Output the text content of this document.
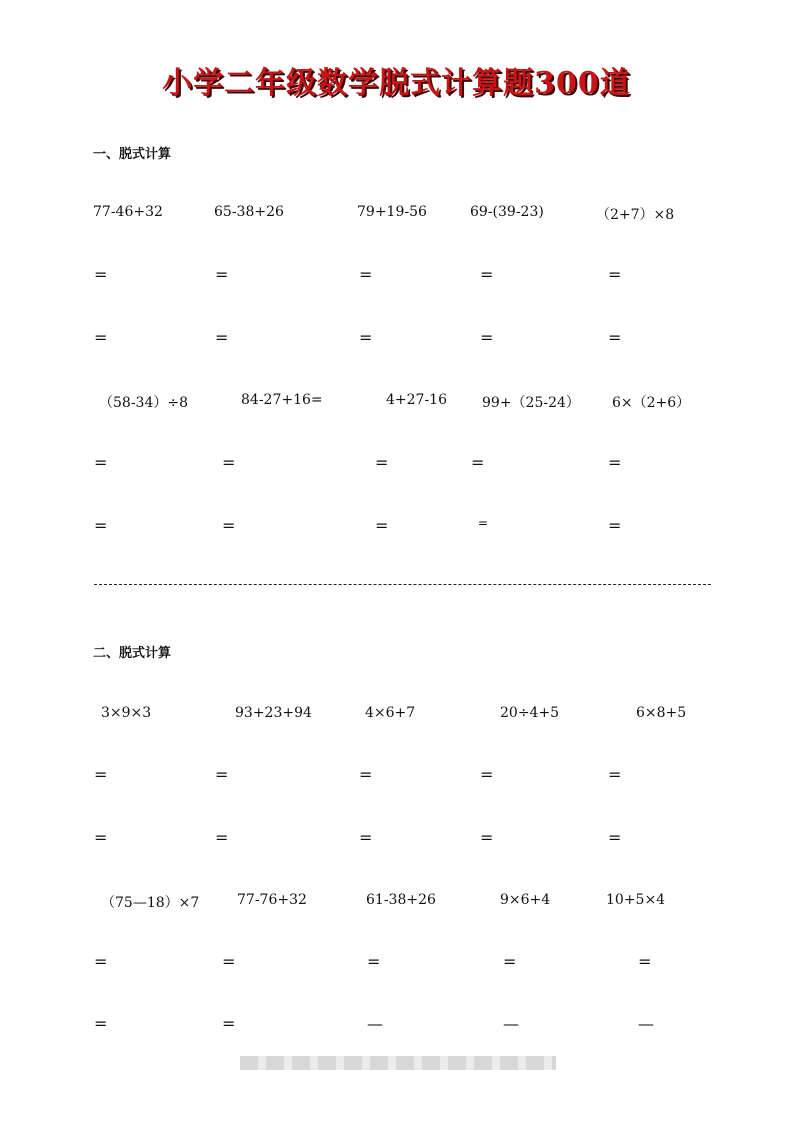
小学二年级数学脱式计算题300道
一、脱式计算
77-46+32	65-38+26	79+19-56	69-(39-23)	（2+7）×8
=	=	=	=	=
=	=	=	=	=
（58-34）÷8	84-27+16=	4+27-16	99+（25-24） 6×（2+6）
=	=	=	=	=
=	=	=	=	=
二、脱式计算
3×9×3	93+23+94	4×6+7	20÷4+5	6×8+5
=	=	=	=	=
=	=	=	=	=
（75—18）×7	77-76+32	61-38+26	9×6+4	10+5×4
=	=	=	=	=
=	=	—	—	—
